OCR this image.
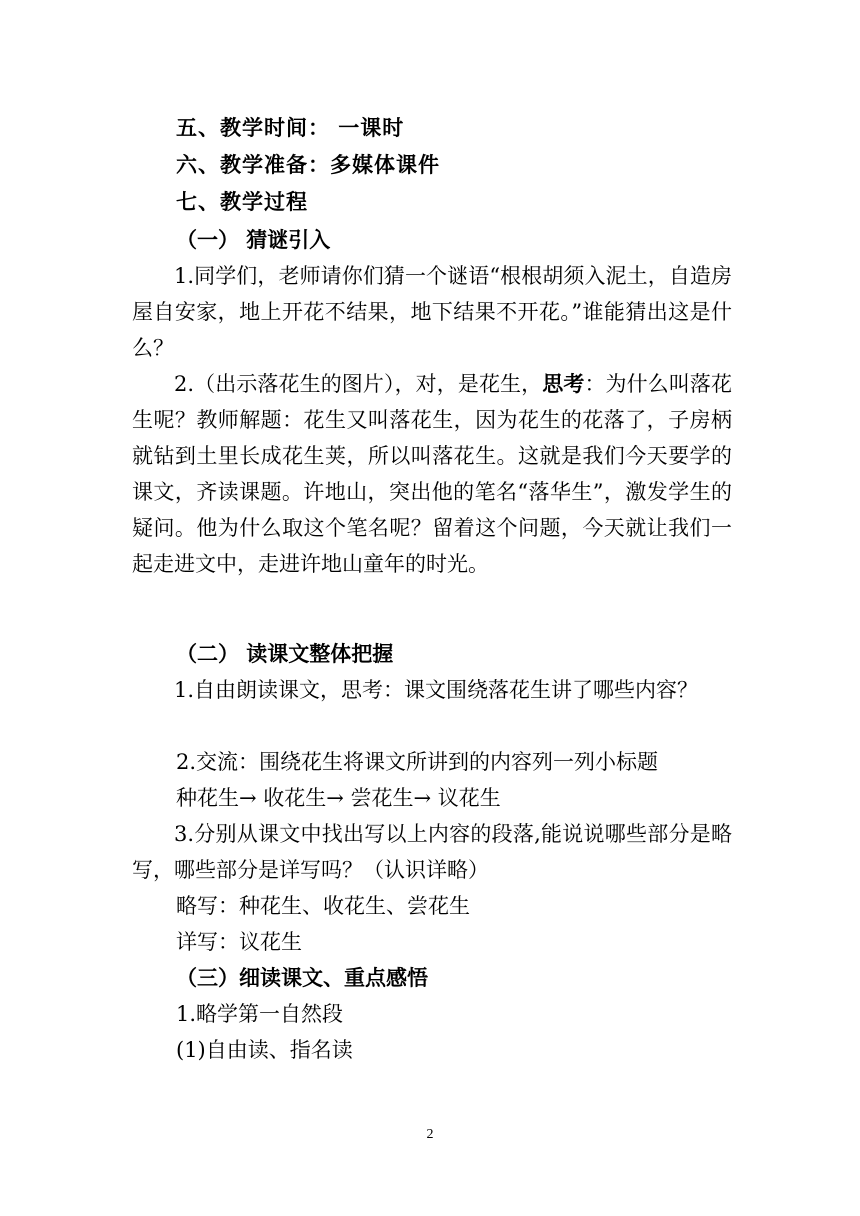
五、教学时间： 一课时
六、教学准备：多媒体课件
七、教学过程
（一） 猜谜引入

1.同学们，老师请你们猜一个谜语“根根胡须入泥土，自造房屋自安家，地上开花不结果，地下结果不开花。”谁能猜出这是什么？

2.（出示落花生的图片），对，是花生，思考：为什么叫落花生呢？教师解题：花生又叫落花生，因为花生的花落了，子房柄就钻到土里长成花生荚，所以叫落花生。这就是我们今天要学的课文，齐读课题。许地山，突出他的笔名“落华生”，激发学生的疑问。他为什么取这个笔名呢？留着这个问题，今天就让我们一起走进文中，走进许地山童年的时光。

（二） 读课文整体把握

1.自由朗读课文，思考：课文围绕落花生讲了哪些内容？

2.交流：围绕花生将课文所讲到的内容列一列小标题
种花生→ 收花生→ 尝花生→ 议花生

3.分别从课文中找出写以上内容的段落,能说说哪些部分是略写，哪些部分是详写吗？（认识详略）

略写：种花生、收花生、尝花生
详写：议花生
（三）细读课文、重点感悟
1.略学第一自然段
(1)自由读、指名读
2
